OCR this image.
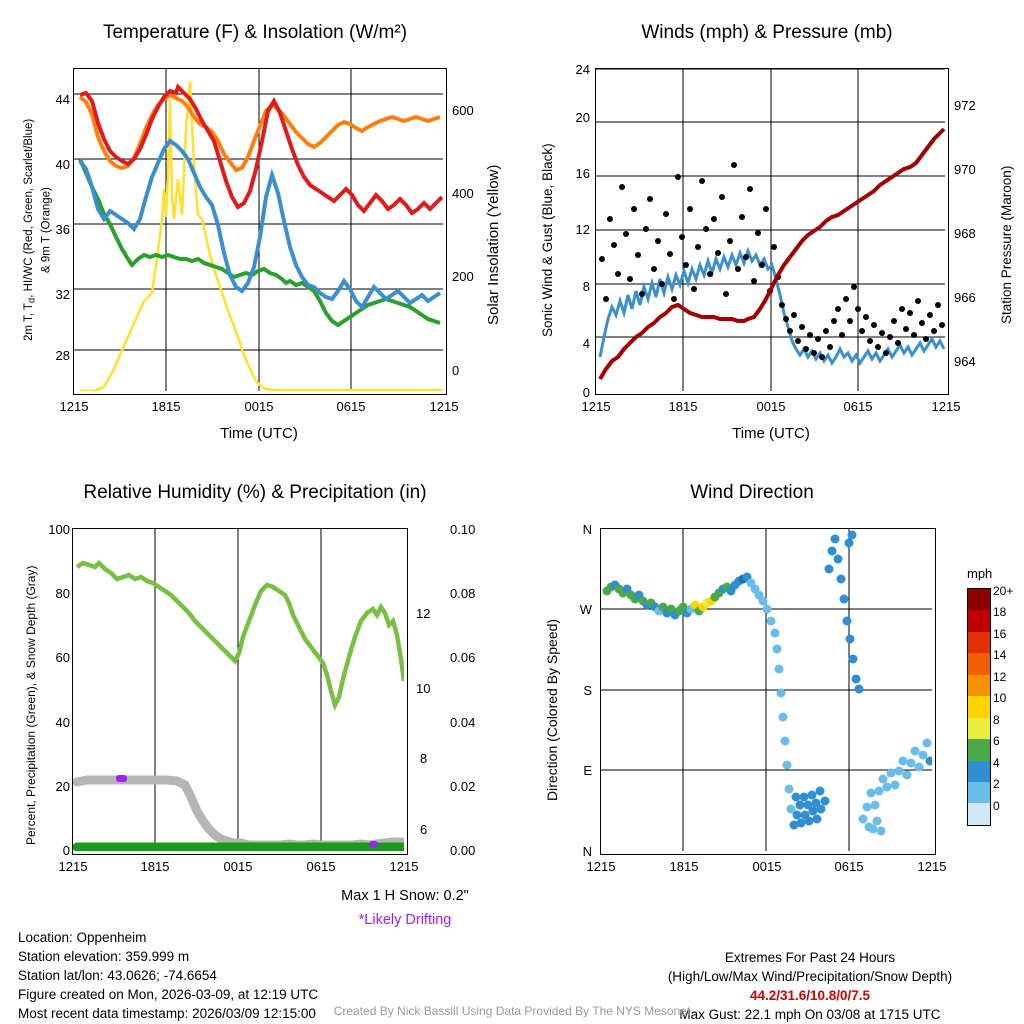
Temperature (F) & Insolation (W/m²)
2m T, $T_d$, HI/WC (Red, Green, Scarlet/Blue) & 9m T (Orange)	Solar Insolation (Yellow)
44
40
36
32
28
600
400
200
0
1215	1815	0015	0615	1215
Time (UTC)
Winds (mph) & Pressure (mb)
Sonic Wind & Gust (Blue, Black)	Station Pressure (Maroon)
24
20
16
12
8
4
0
972
970
968
966
964
1215	1815	0015	0615	1215
Time (UTC)
Relative Humidity (%) & Precipitation (in)
Percent, Precipitation (Green), & Snow Depth (Gray)
100
80
60
40
20
0
0.10
0.08
0.06
0.04
0.02
0.00
12
10
8
6
1215	1815	0015	0615	1215
Max 1 H Snow: 0.2"
*Likely Drifting
Wind Direction
Direction (Colored By Speed)
N
W
S
E
N
1215	1815	0015	0615	1215
mph
20+
18
16
14
12
10
8
6
4
2
0
Location: Oppenheim
Station elevation: 359.999 m
Station lat/lon: 43.0626; -74.6654
Figure created on Mon, 2026-03-09, at 12:19 UTC
Most recent data timestamp: 2026/03/09 12:15:00
Extremes For Past 24 Hours
(High/Low/Max Wind/Precipitation/Snow Depth)
44.2/31.6/10.8/0/7.5
Max Gust: 22.1 mph On 03/08 at 1715 UTC
Created By Nick Bassill Using Data Provided By The NYS Mesonet
